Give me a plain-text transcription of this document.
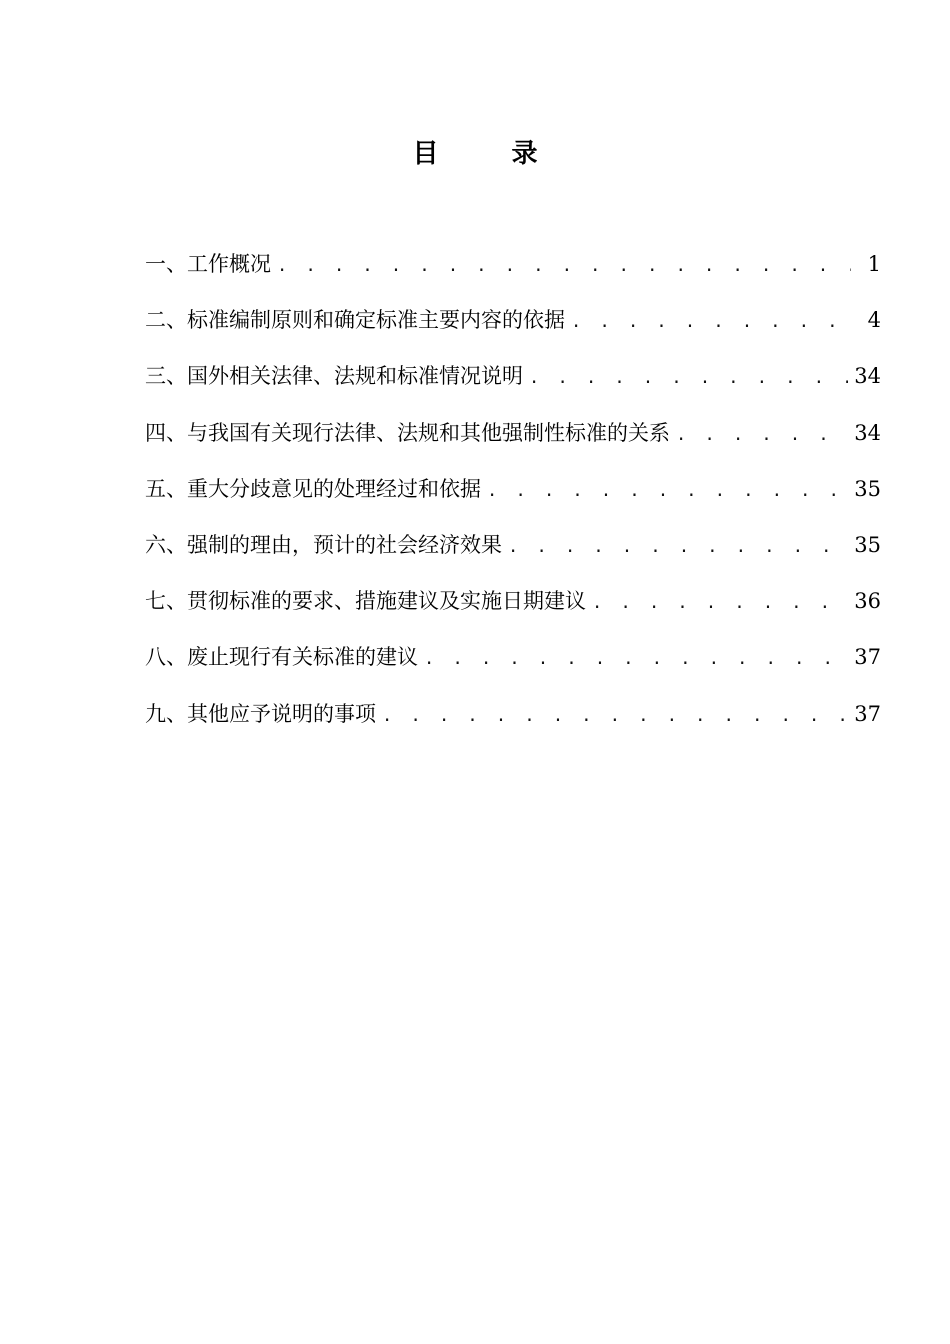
目 录
一、工作概况 . . .	1
二、标准编制原则和确定标准主要内容的依据 . . .	4
三、国外相关法律、法规和标准情况说明 . . .	34
四、与我国有关现行法律、法规和其他强制性标准的关系 . . .	34
五、重大分歧意见的处理经过和依据 . . .	35
六、强制的理由，预计的社会经济效果 . . .	35
七、贯彻标准的要求、措施建议及实施日期建议 . . .	36
八、废止现行有关标准的建议 . . .	37
九、其他应予说明的事项 . . .	37
